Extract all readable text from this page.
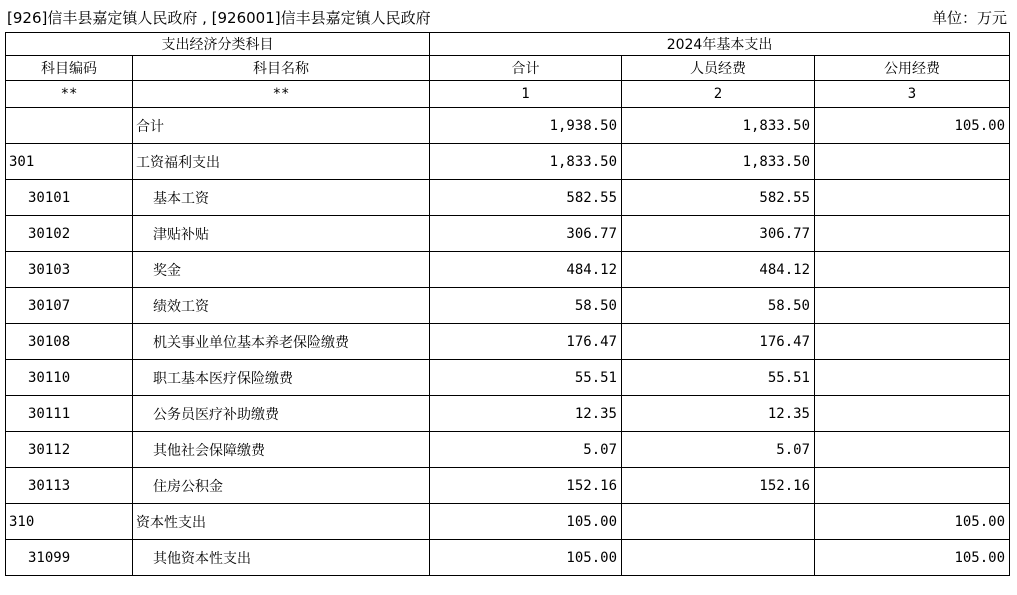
[926]信丰县嘉定镇人民政府 , [926001]信丰县嘉定镇人民政府	单位：万元
支出经济分类科目		2024年基本支出		
科目编码	科目名称	合计	人员经费	公用经费
**	**	1	2	3
	合计	1,938.50	1,833.50	105.00
301	工资福利支出	1,833.50	1,833.50	
30101	基本工资	582.55	582.55	
30102	津贴补贴	306.77	306.77	
30103	奖金	484.12	484.12	
30107	绩效工资	58.50	58.50	
30108	机关事业单位基本养老保险缴费	176.47	176.47	
30110	职工基本医疗保险缴费	55.51	55.51	
30111	公务员医疗补助缴费	12.35	12.35	
30112	其他社会保障缴费	5.07	5.07	
30113	住房公积金	152.16	152.16	
310	资本性支出	105.00		105.00
31099	其他资本性支出	105.00		105.00
